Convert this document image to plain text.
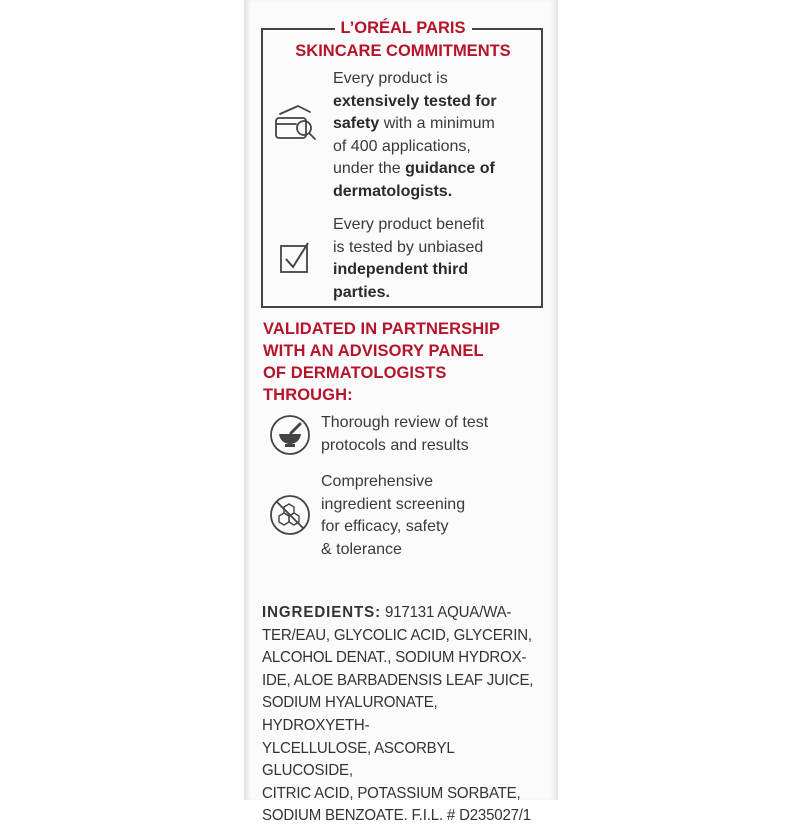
L’ORÉAL PARIS
SKINCARE COMMITMENTS
Every product is
extensively tested for
safety with a minimum
of 400 applications,
under the guidance of
dermatologists.
Every product benefit
is tested by unbiased
independent third
parties.
VALIDATED IN PARTNERSHIP
WITH AN ADVISORY PANEL
OF DERMATOLOGISTS
THROUGH:
Thorough review of test
protocols and results
Comprehensive
ingredient screening
for efficacy, safety
& tolerance
INGREDIENTS: 917131 AQUA/WA-
TER/EAU, GLYCOLIC ACID, GLYCERIN,
ALCOHOL DENAT., SODIUM HYDROX-
IDE, ALOE BARBADENSIS LEAF JUICE,
SODIUM HYALURONATE, HYDROXYETH-
YLCELLULOSE, ASCORBYL GLUCOSIDE,
CITRIC ACID, POTASSIUM SORBATE,
SODIUM BENZOATE. F.I.L. # D235027/1
